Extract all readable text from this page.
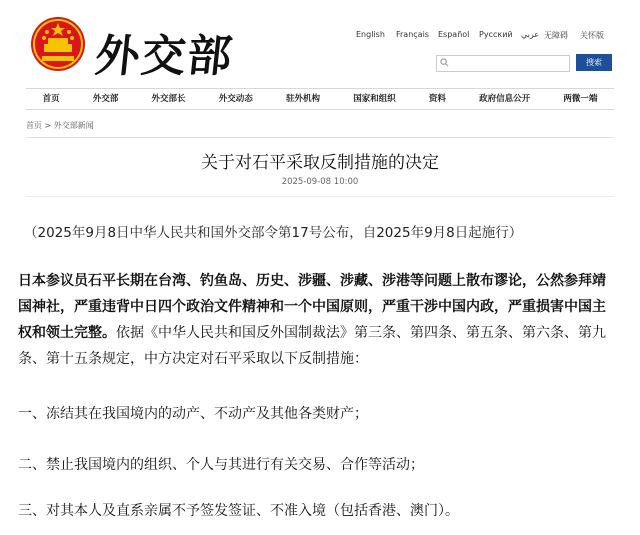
外交部	English	Français	Español	Русский	عربي 无障碍	关怀版
搜索
首页	外交部	外交部长	外交动态	驻外机构	国家和组织	资料	政府信息公开	两微一端
首页 > 外交部新闻
关于对石平采取反制措施的决定
2025-09-08 10:00
（2025年9月8日中华人民共和国外交部令第17号公布，自2025年9月8日起施行）
日本参议员石平长期在台湾、钓鱼岛、历史、涉疆、涉藏、涉港等问题上散布谬论，公然参拜靖国神社，严重违背中日四个政治文件精神和一个中国原则，严重干涉中国内政，严重损害中国主权和领土完整。依据《中华人民共和国反外国制裁法》第三条、第四条、第五条、第六条、第九条、第十五条规定，中方决定对石平采取以下反制措施：
一、冻结其在我国境内的动产、不动产及其他各类财产；
二、禁止我国境内的组织、个人与其进行有关交易、合作等活动；
三、对其本人及直系亲属不予签发签证、不准入境（包括香港、澳门）。
